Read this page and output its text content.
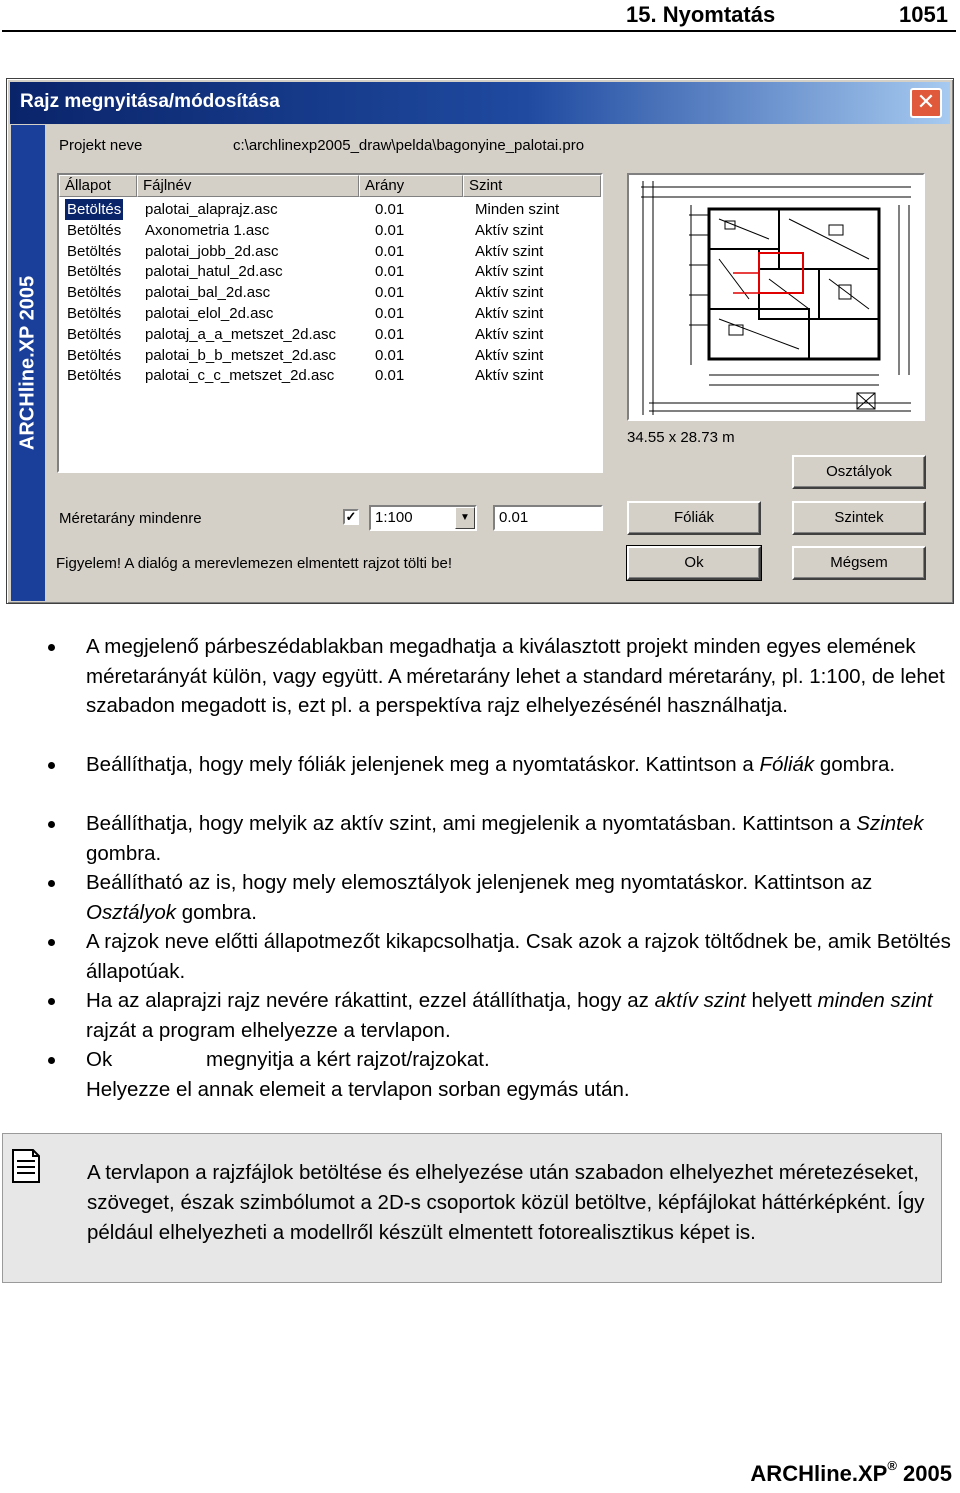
15. Nyomtatás	1051
Rajz megnyitása/módosítása	✕
ARCHline.XP 2005
Projekt neve	c:\archlinexp2005_draw\pelda\bagonyine_palotai.pro
Állapot	Fájlnév	Arány	Szint
Betöltés palotai_alaprajz.asc	0.01	Minden szint
Betöltés Axonometria 1.asc	0.01	Aktív szint
Betöltés palotai_jobb_2d.asc	0.01	Aktív szint
Betöltés palotai_hatul_2d.asc	0.01	Aktív szint
Betöltés palotai_bal_2d.asc	0.01	Aktív szint
Betöltés palotai_elol_2d.asc	0.01	Aktív szint
Betöltés palotaj_a_a_metszet_2d.asc	0.01	Aktív szint
Betöltés palotai_b_b_metszet_2d.asc	0.01	Aktív szint
Betöltés palotai_c_c_metszet_2d.asc	0.01	Aktív szint
34.55 x 28.73 m
Osztályok
Fóliák	Szintek
Ok	Mégsem
Méretarány mindenre	✓	1:100	▼	0.01
Figyelem! A dialóg a merevlemezen elmentett rajzot tölti be!
A megjelenő párbeszédablakban megadhatja a kiválasztott projekt minden egyes elemének méretarányát külön, vagy együtt. A méretarány lehet a standard méretarány, pl. 1:100, de lehet szabadon megadott is, ezt pl. a perspektíva rajz elhelyezésénél használhatja.
Beállíthatja, hogy mely fóliák jelenjenek meg a nyomtatáskor. Kattintson a Fóliák gombra.
Beállíthatja, hogy melyik az aktív szint, ami megjelenik a nyomtatásban. Kattintson a Szintek gombra.
Beállítható az is, hogy mely elemosztályok jelenjenek meg nyomtatáskor. Kattintson az Osztályok gombra.
A rajzok neve előtti állapotmezőt kikapcsolhatja. Csak azok a rajzok töltődnek be, amik Betöltés állapotúak.
Ha az alaprajzi rajz nevére rákattint, ezzel átállíthatja, hogy az aktív szint helyett minden szint rajzát a program elhelyezze a tervlapon.
Ok	megnyitja a kért rajzot/rajzokat.
Helyezze el annak elemeit a tervlapon sorban egymás után.
A tervlapon a rajzfájlok betöltése és elhelyezése után szabadon elhelyezhet méretezéseket, szöveget, észak szimbólumot a 2D-s csoportok közül betöltve, képfájlokat háttérképként. Így például elhelyezheti a modellről készült elmentett fotorealisztikus képet is.
ARCHline.XP® 2005
